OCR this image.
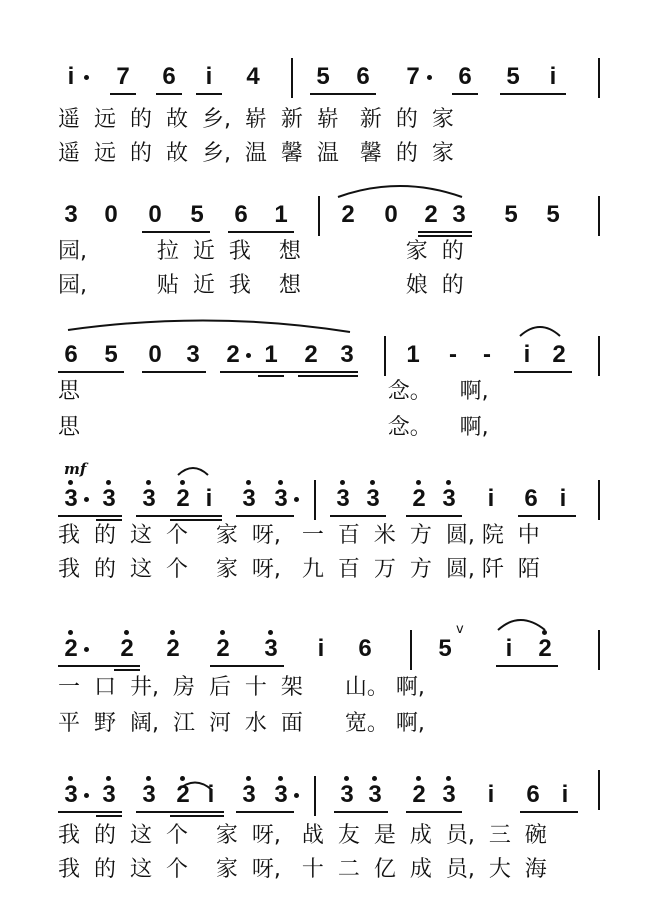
i	7 6	i	4 5 6 7 6 5	i
遥  远  的  故  乡,  崭  新  崭   新  的  家
遥  远  的  故  乡,  温  馨  温   馨  的  家
3 0 0 5 6 1 2 0 2 3 5 5
园,          拉  近  我    想               家  的
园,          贴  近  我    想               娘  的
6 5 0 3 2 1 2 3 1	-	-	i 2
思                                            念。    啊,
思                                            念。    啊,
mf
3 3 3 2 i	3 3 3 3 2 3	i	6 i
我  的  这  个    家  呀,   一  百  米  方  圆, 院  中
我  的  这  个    家  呀,   九  百  万  方  圆, 阡  陌
2 2 2 2 3	i	6	5
v
i	2
一  口  井,  房  后  十  架      山。 啊,
平  野  阔,  江  河  水  面      宽。 啊,
3 3 3 2 i	3 3 3 3 2 3	i	6 i
我  的  这  个    家  呀,   战  友  是  成  员,  三  碗
我  的  这  个    家  呀,   十  二  亿  成  员,  大  海
